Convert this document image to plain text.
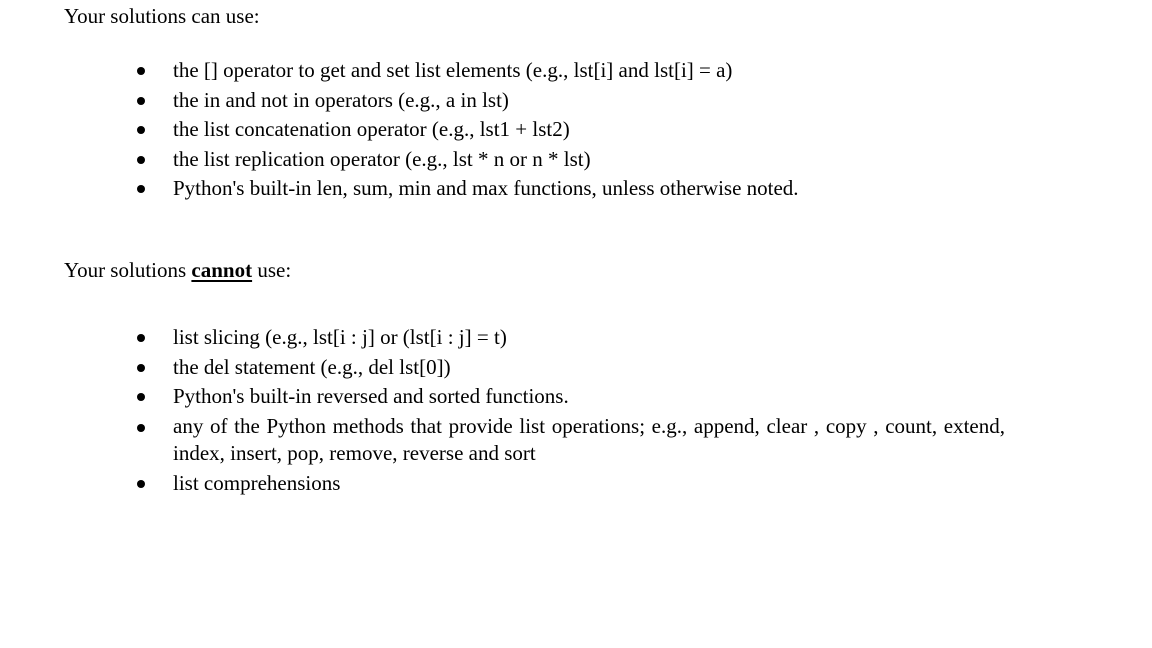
Your solutions can use:
the [] operator to get and set list elements (e.g., lst[i] and lst[i] = a)
the in and not in operators (e.g., a in lst)
the list concatenation operator (e.g., lst1 + lst2)
the list replication operator (e.g., lst * n or n * lst)
Python's built-in len, sum, min and max functions, unless otherwise noted.
Your solutions cannot use:
list slicing (e.g., lst[i : j] or (lst[i : j] = t)
the del statement (e.g., del lst[0])
Python's built-in reversed and sorted functions.
any of the Python methods that provide list operations; e.g., append, clear , copy , count, extend, index, insert, pop, remove, reverse and sort
list comprehensions
